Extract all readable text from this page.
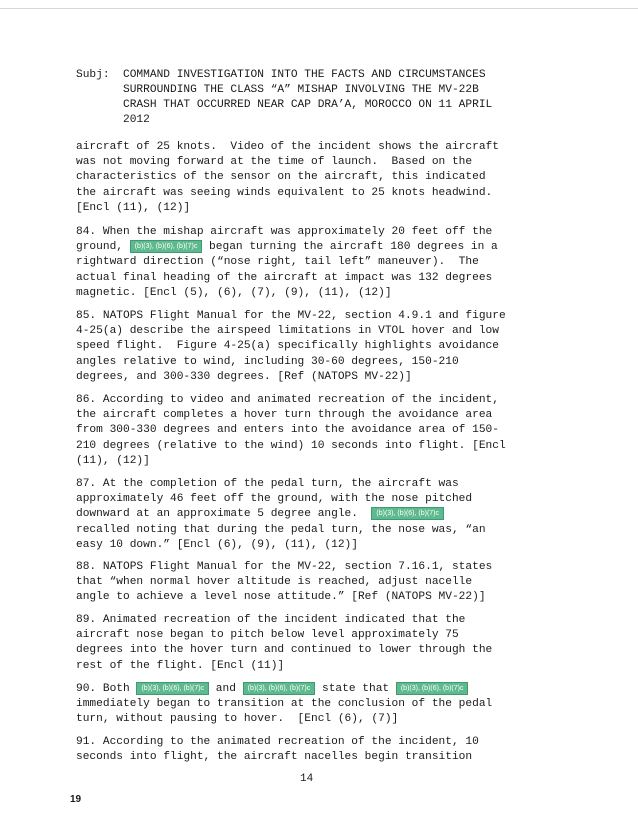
Subj: COMMAND INVESTIGATION INTO THE FACTS AND CIRCUMSTANCES
SURROUNDING THE CLASS “A” MISHAP INVOLVING THE MV-22B
CRASH THAT OCCURRED NEAR CAP DRA’A, MOROCCO ON 11 APRIL
2012
aircraft of 25 knots.  Video of the incident shows the aircraft
was not moving forward at the time of launch.  Based on the
characteristics of the sensor on the aircraft, this indicated
the aircraft was seeing winds equivalent to 25 knots headwind.
[Encl (11), (12)]
84. When the mishap aircraft was approximately 20 feet off the
ground, (b)(3), (b)(6), (b)(7)c began turning the aircraft 180 degrees in a
rightward direction (“nose right, tail left” maneuver).  The
actual final heading of the aircraft at impact was 132 degrees
magnetic. [Encl (5), (6), (7), (9), (11), (12)]
85. NATOPS Flight Manual for the MV-22, section 4.9.1 and figure
4-25(a) describe the airspeed limitations in VTOL hover and low
speed flight.  Figure 4-25(a) specifically highlights avoidance
angles relative to wind, including 30-60 degrees, 150-210
degrees, and 300-330 degrees. [Ref (NATOPS MV-22)]
86. According to video and animated recreation of the incident,
the aircraft completes a hover turn through the avoidance area
from 300-330 degrees and enters into the avoidance area of 150-
210 degrees (relative to the wind) 10 seconds into flight. [Encl
(11), (12)]
87. At the completion of the pedal turn, the aircraft was
approximately 46 feet off the ground, with the nose pitched
downward at an approximate 5 degree angle.  (b)(3), (b)(6), (b)(7)c
recalled noting that during the pedal turn, the nose was, “an
easy 10 down.” [Encl (6), (9), (11), (12)]
88. NATOPS Flight Manual for the MV-22, section 7.16.1, states
that “when normal hover altitude is reached, adjust nacelle
angle to achieve a level nose attitude.” [Ref (NATOPS MV-22)]
89. Animated recreation of the incident indicated that the
aircraft nose began to pitch below level approximately 75
degrees into the hover turn and continued to lower through the
rest of the flight. [Encl (11)]
90. Both (b)(3), (b)(6), (b)(7)c and (b)(3), (b)(6), (b)(7)c state that (b)(3), (b)(6), (b)(7)c
immediately began to transition at the conclusion of the pedal
turn, without pausing to hover.  [Encl (6), (7)]
91. According to the animated recreation of the incident, 10
seconds into flight, the aircraft nacelles begin transition
14
19
